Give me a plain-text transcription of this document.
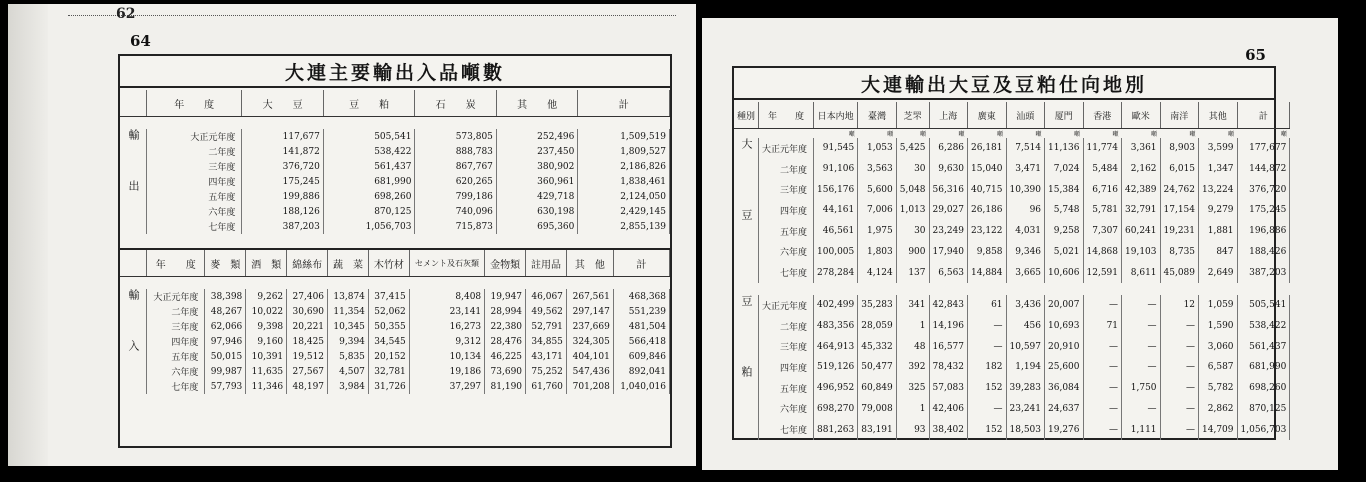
62
64
大連主要輸出入品噸數
	年　　度	大　　豆	豆　　粕	石　　炭	其　　他	計

輸出	大正元年度	117,677	505,541	573,805	252,496	1,509,519
	二年度	141,872	538,422	888,783	237,450	1,809,527
	三年度	376,720	561,437	867,767	380,902	2,186,826
	四年度	175,245	681,990	620,265	360,961	1,838,461
	五年度	199,886	698,260	799,186	429,718	2,124,050
	六年度	188,126	870,125	740,096	630,198	2,429,145
	七年度	387,203	1,056,703	715,873	695,360	2,855,139
	年　　度	麥　類	酒　類	綿絲布	蔬　菜	木竹材	セメント及石灰類	金物類	註用品	其　他	計

輸入	大正元年度	38,398	9,262	27,406	13,874	37,415	8,408	19,947	46,067	267,561	468,368
	二年度	48,267	10,022	30,690	11,354	52,062	23,141	28,994	49,562	297,147	551,239
	三年度	62,066	9,398	20,221	10,345	50,355	16,273	22,380	52,791	237,669	481,504
	四年度	97,946	9,160	18,425	9,394	34,545	9,312	28,476	34,855	324,305	566,418
	五年度	50,015	10,391	19,512	5,835	20,152	10,134	46,225	43,171	404,101	609,846
	六年度	99,987	11,635	27,567	4,507	32,781	19,186	73,690	75,252	547,436	892,041
	七年度	57,793	11,346	48,197	3,984	31,726	37,297	81,190	61,760	701,208	1,040,016
65
大連輸出大豆及豆粕仕向地別
種別	年　　度	日本内地	臺灣	芝罘	上海	廣東	汕頭	厦門	香港	歐米	南洋	其他	計
		噸	噸	噸	噸	噸	噸	噸	噸	噸	噸	噸	噸
大豆	大正元年度	91,545	1,053	5,425	6,286	26,181	7,514	11,136	11,774	3,361	8,903	3,599	177,677
	二年度	91,106	3,563	30	9,630	15,040	3,471	7,024	5,484	2,162	6,015	1,347	144,872
	三年度	156,176	5,600	5,048	56,316	40,715	10,390	15,384	6,716	42,389	24,762	13,224	376,720
	四年度	44,161	7,006	1,013	29,027	26,186	96	5,748	5,781	32,791	17,154	9,279	175,245
	五年度	46,561	1,975	30	23,249	23,122	4,031	9,258	7,307	60,241	19,231	1,881	196,886
	六年度	100,005	1,803	900	17,940	9,858	9,346	5,021	14,868	19,103	8,735	847	188,426
	七年度	278,284	4,124	137	6,563	14,884	3,665	10,606	12,591	8,611	45,089	2,649	387,203

豆粕	大正元年度	402,499	35,283	341	42,843	61	3,436	20,007	—	—	12	1,059	505,541
	二年度	483,356	28,059	1	14,196	—	456	10,693	71	—	—	1,590	538,422
	三年度	464,913	45,332	48	16,577	—	10,597	20,910	—	—	—	3,060	561,437
	四年度	519,126	50,477	392	78,432	182	1,194	25,600	—	—	—	6,587	681,990
	五年度	496,952	60,849	325	57,083	152	39,283	36,084	—	1,750	—	5,782	698,260
	六年度	698,270	79,008	1	42,406	—	23,241	24,637	—	—	—	2,862	870,125
	七年度	881,263	83,191	93	38,402	152	18,503	19,276	—	1,111	—	14,709	1,056,703
